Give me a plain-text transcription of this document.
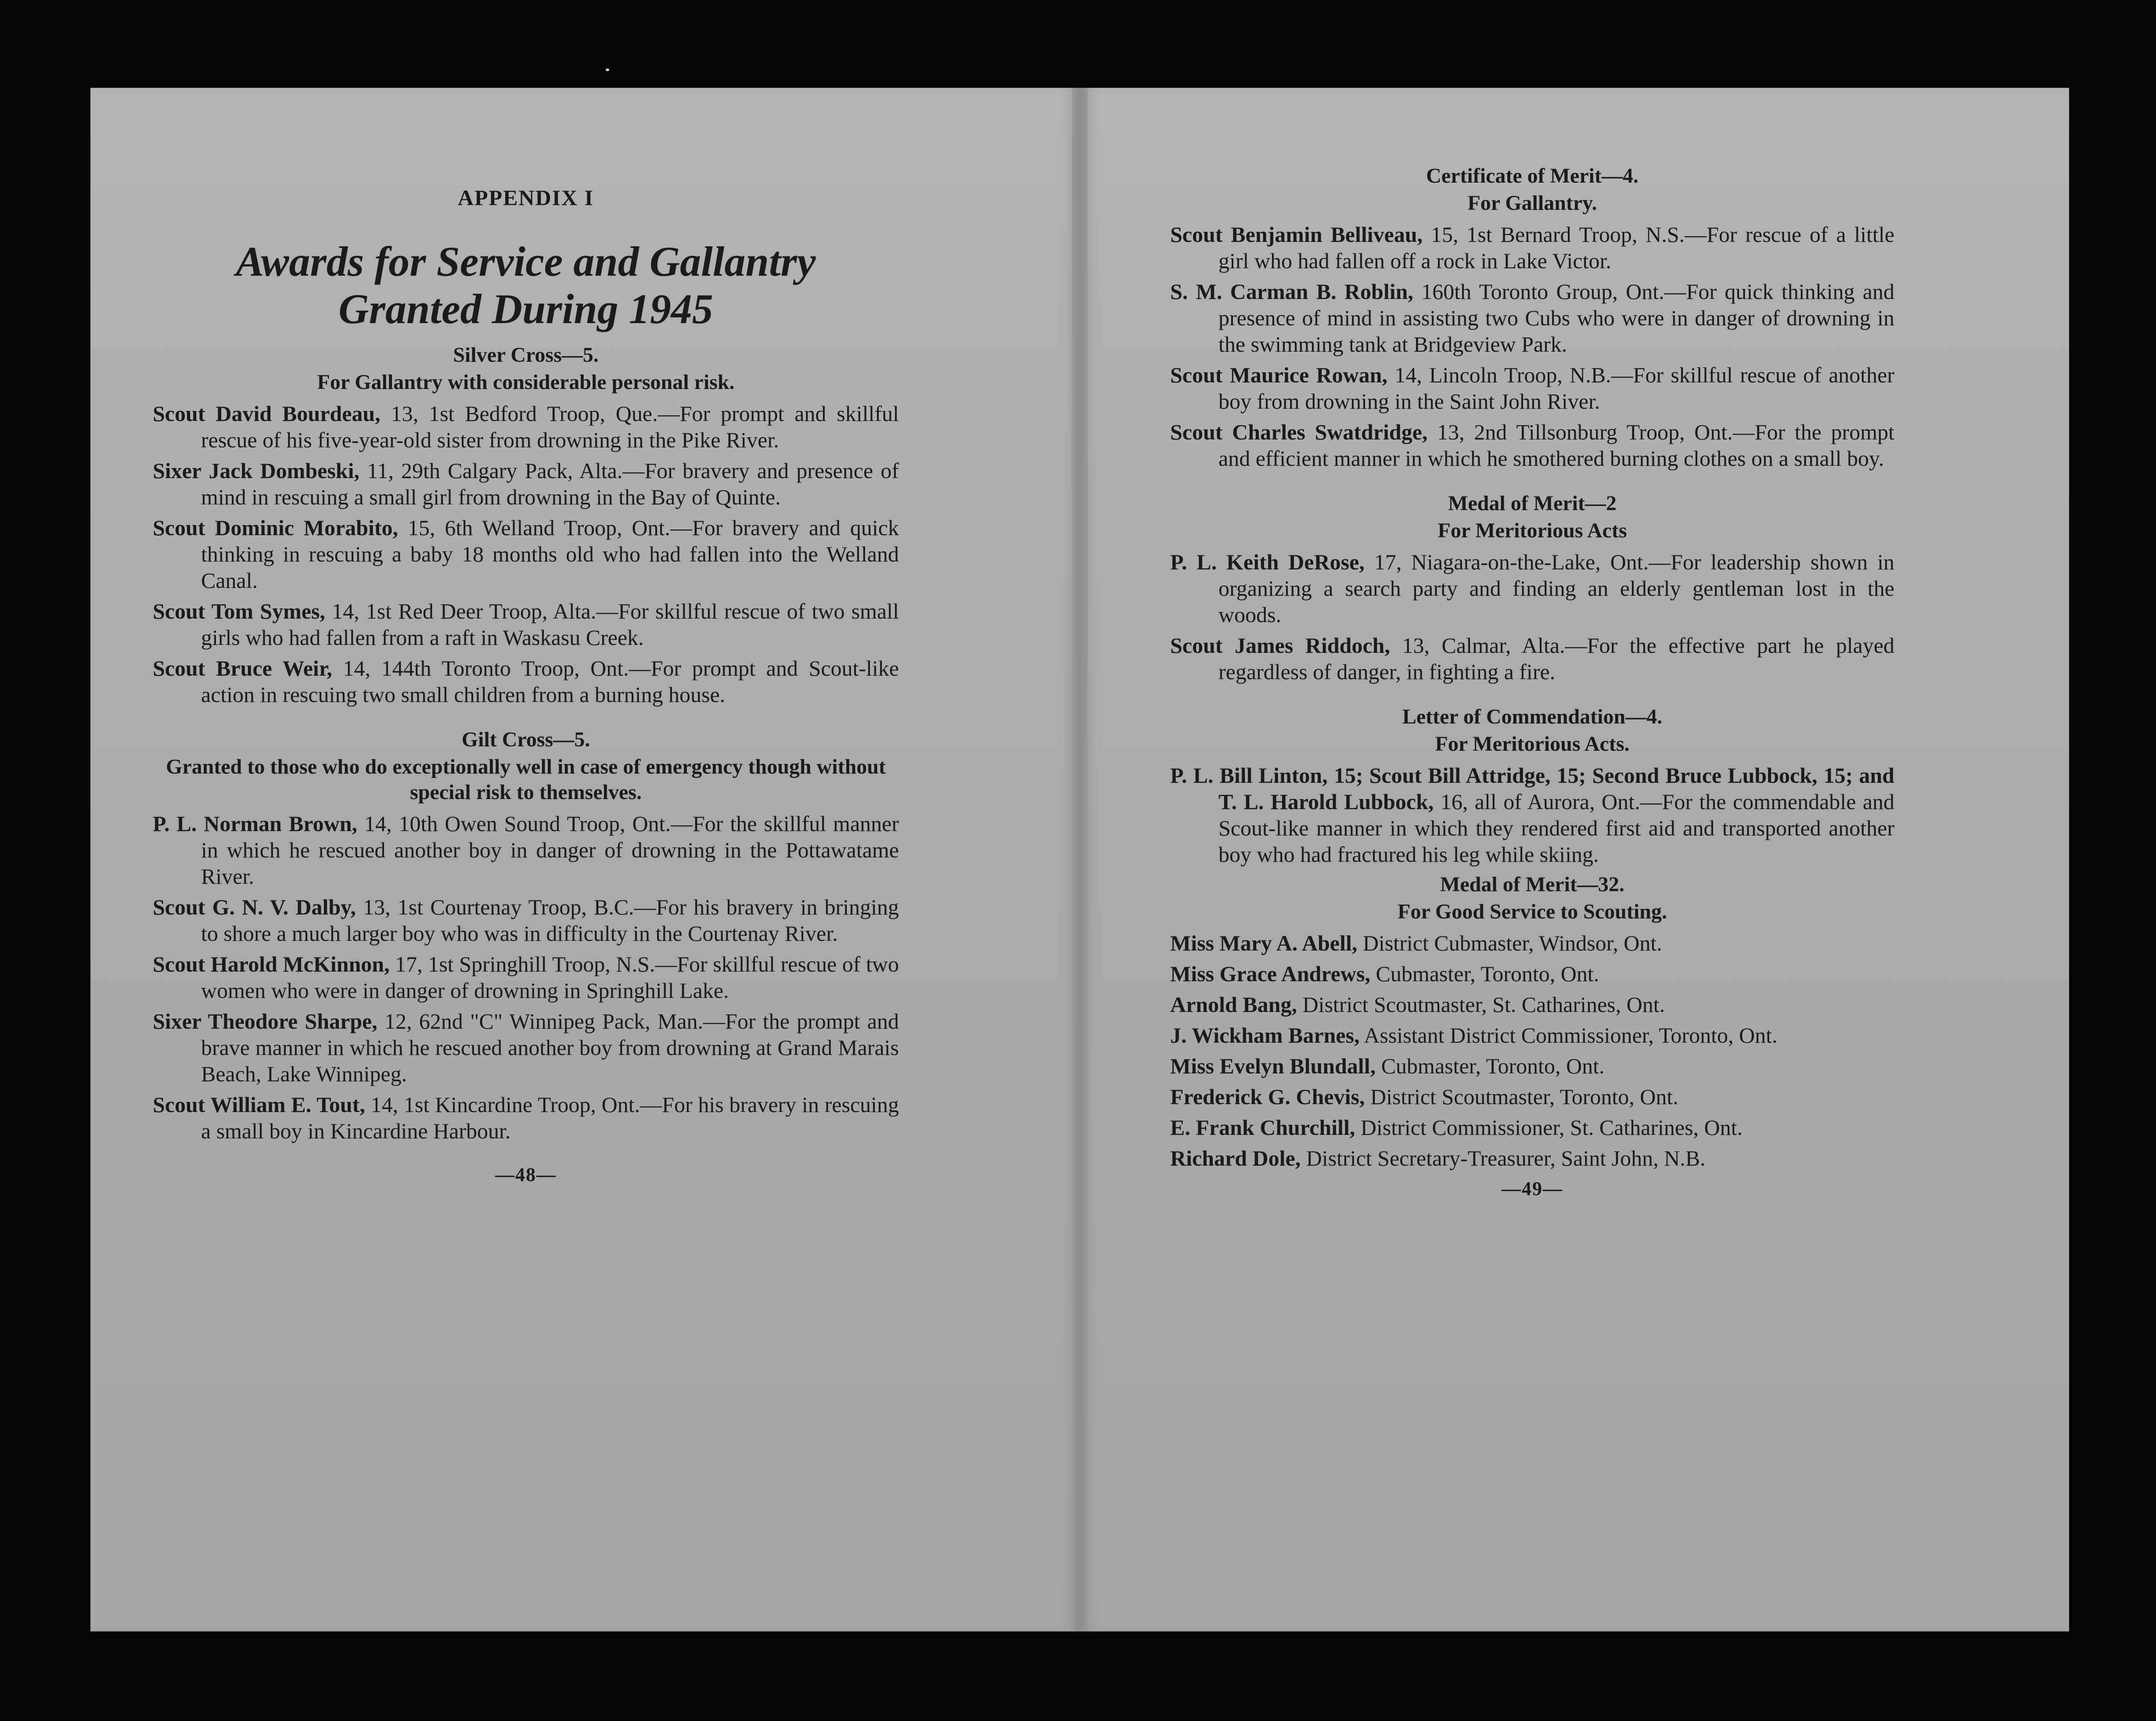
APPENDIX I

Awards for Service and Gallantry
Granted During 1945

Silver Cross—5.

For Gallantry with considerable personal risk.

Scout David Bourdeau, 13, 1st Bedford Troop, Que.—For prompt and skillful rescue of his five-year-old sister from drowning in the Pike River.

Sixer Jack Dombeski, 11, 29th Calgary Pack, Alta.—For bravery and presence of mind in rescuing a small girl from drowning in the Bay of Quinte.

Scout Dominic Morabito, 15, 6th Welland Troop, Ont.—For bravery and quick thinking in rescuing a baby 18 months old who had fallen into the Welland Canal.

Scout Tom Symes, 14, 1st Red Deer Troop, Alta.—For skillful rescue of two small girls who had fallen from a raft in Waskasu Creek.

Scout Bruce Weir, 14, 144th Toronto Troop, Ont.—For prompt and Scout-like action in rescuing two small children from a burning house.

Gilt Cross—5.

Granted to those who do exceptionally well in case of emergency though without special risk to themselves.

P. L. Norman Brown, 14, 10th Owen Sound Troop, Ont.—For the skillful manner in which he rescued another boy in danger of drowning in the Pottawatame River.

Scout G. N. V. Dalby, 13, 1st Courtenay Troop, B.C.—For his bravery in bringing to shore a much larger boy who was in difficulty in the Courtenay River.

Scout Harold McKinnon, 17, 1st Springhill Troop, N.S.—For skillful rescue of two women who were in danger of drowning in Springhill Lake.

Sixer Theodore Sharpe, 12, 62nd "C" Winnipeg Pack, Man.—For the prompt and brave manner in which he rescued another boy from drowning at Grand Marais Beach, Lake Winnipeg.

Scout William E. Tout, 14, 1st Kincardine Troop, Ont.—For his bravery in rescuing a small boy in Kincardine Harbour.

—48—

Certificate of Merit—4.

For Gallantry.

Scout Benjamin Belliveau, 15, 1st Bernard Troop, N.S.—For rescue of a little girl who had fallen off a rock in Lake Victor.

S. M. Carman B. Roblin, 160th Toronto Group, Ont.—For quick thinking and presence of mind in assisting two Cubs who were in danger of drowning in the swimming tank at Bridgeview Park.

Scout Maurice Rowan, 14, Lincoln Troop, N.B.—For skillful rescue of another boy from drowning in the Saint John River.

Scout Charles Swatdridge, 13, 2nd Tillsonburg Troop, Ont.—For the prompt and efficient manner in which he smothered burning clothes on a small boy.

Medal of Merit—2

For Meritorious Acts

P. L. Keith DeRose, 17, Niagara-on-the-Lake, Ont.—For leadership shown in organizing a search party and finding an elderly gentleman lost in the woods.

Scout James Riddoch, 13, Calmar, Alta.—For the effective part he played regardless of danger, in fighting a fire.

Letter of Commendation—4.

For Meritorious Acts.

P. L. Bill Linton, 15; Scout Bill Attridge, 15; Second Bruce Lubbock, 15; and T. L. Harold Lubbock, 16, all of Aurora, Ont.—For the commendable and Scout-like manner in which they rendered first aid and transported another boy who had fractured his leg while skiing.

Medal of Merit—32.

For Good Service to Scouting.

Miss Mary A. Abell, District Cubmaster, Windsor, Ont.

Miss Grace Andrews, Cubmaster, Toronto, Ont.

Arnold Bang, District Scoutmaster, St. Catharines, Ont.

J. Wickham Barnes, Assistant District Commissioner, Toronto, Ont.

Miss Evelyn Blundall, Cubmaster, Toronto, Ont.

Frederick G. Chevis, District Scoutmaster, Toronto, Ont.

E. Frank Churchill, District Commissioner, St. Catharines, Ont.

Richard Dole, District Secretary-Treasurer, Saint John, N.B.

—49—
